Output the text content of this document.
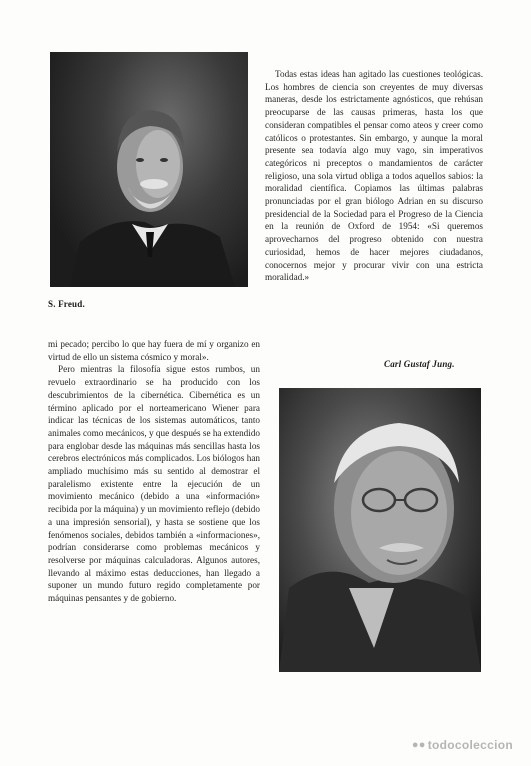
S. Freud.

Todas estas ideas han agitado las cuestiones teológicas. Los hombres de ciencia son creyentes de muy diversas maneras, desde los estrictamente agnósticos, que rehúsan preocuparse de las causas primeras, hasta los que consideran compatibles el pensar como ateos y creer como católicos o protestantes. Sin embargo, y aunque la moral presente sea todavía algo muy vago, sin imperativos categóricos ni preceptos o mandamientos de carácter religioso, una sola virtud obliga a todos aquellos sabios: la moralidad científica. Copiamos las últimas palabras pronunciadas por el gran biólogo Adrian en su discurso presidencial de la Sociedad para el Progreso de la Ciencia en la reunión de Oxford de 1954: «Si queremos aprovecharnos del progreso obtenido con nuestra curiosidad, hemos de hacer mejores ciudadanos, conocernos mejor y procurar vivir con una estricta moralidad.»

Carl Gustaf Jung.

mi pecado; percibo lo que hay fuera de mí y organizo en virtud de ello un sistema cósmico y moral».

Pero mientras la filosofía sigue estos rumbos, un revuelo extraordinario se ha producido con los descubrimientos de la cibernética. Cibernética es un término aplicado por el norteamericano Wiener para indicar las técnicas de los sistemas automáticos, tanto animales como mecánicos, y que después se ha extendido para englobar desde las máquinas más sencillas hasta los cerebros electrónicos más complicados. Los biólogos han ampliado muchísimo más su sentido al demostrar el paralelismo existente entre la ejecución de un movimiento mecánico (debido a una «información» recibida por la máquina) y un movimiento reflejo (debido a una impresión sensorial), y hasta se sostiene que los fenómenos sociales, debidos también a «informaciones», podrían considerarse como problemas mecánicos y resolverse por máquinas calculadoras. Algunos autores, llevando al máximo estas deducciones, han llegado a suponer un mundo futuro regido completamente por máquinas pensantes y de gobierno.

●● todocoleccion
